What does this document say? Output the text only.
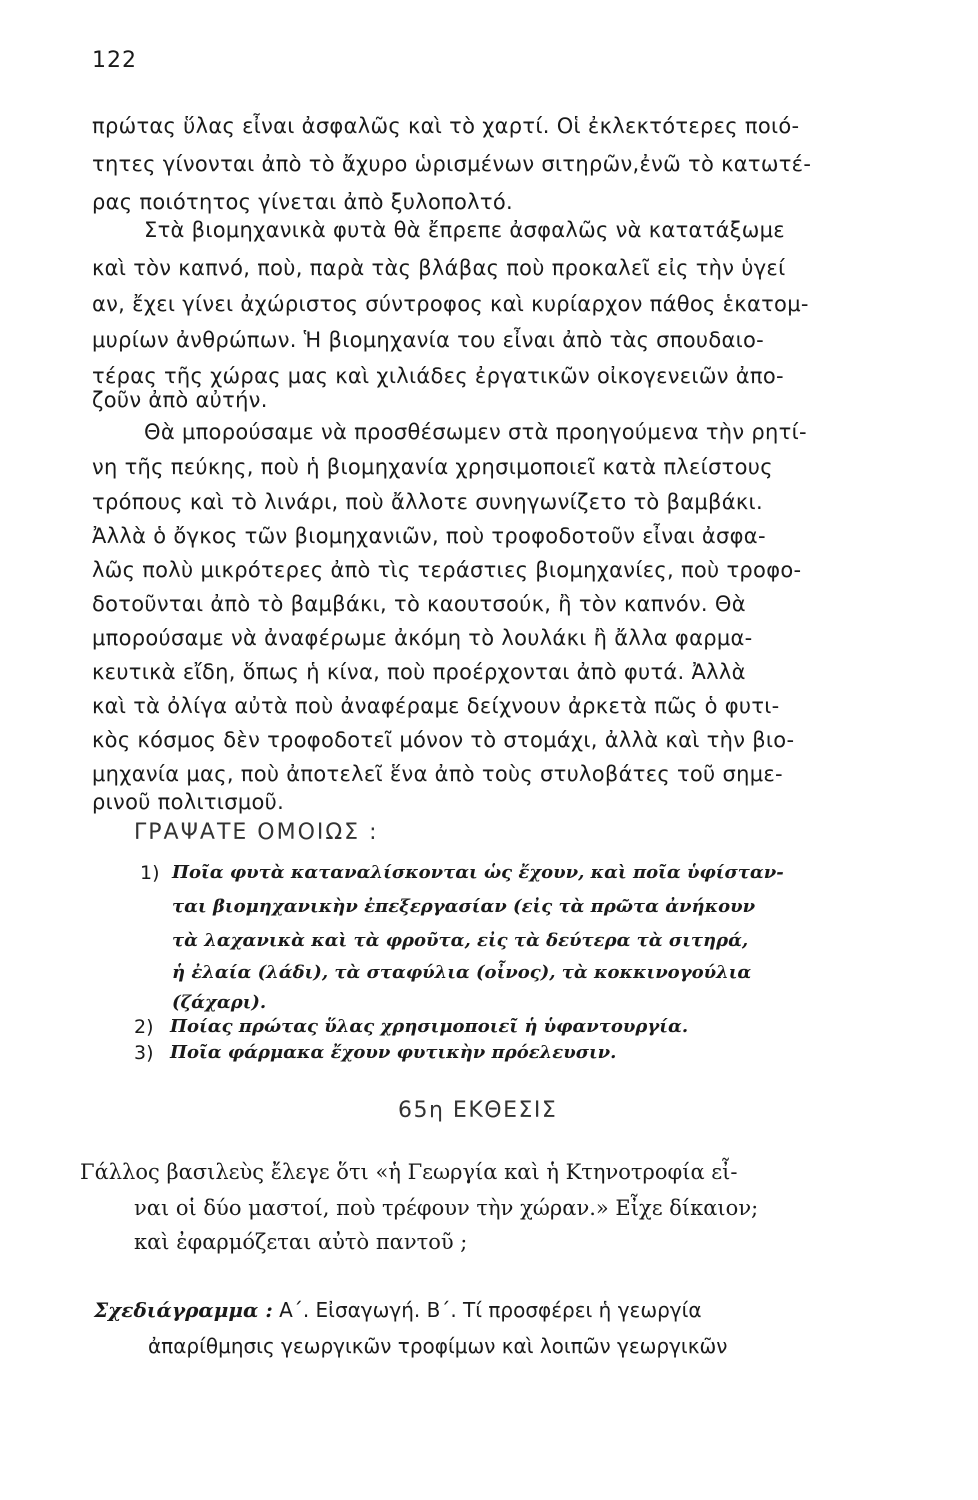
122
πρώτας ὕλας εἶναι ἀσφαλῶς καὶ τὸ χαρτί. Οἱ ἐκλεκτότερες ποιό-
τητες γίνονται ἀπὸ τὸ ἄχυρο ὡρισμένων σιτηρῶν,ἐνῶ τὸ κατωτέ-
ρας ποιότητος γίνεται ἀπὸ ξυλοπολτό.
Στὰ βιομηχανικὰ φυτὰ θὰ ἔπρεπε ἀσφαλῶς νὰ κατατάξωμε
καὶ τὸν καπνό, ποὺ, παρὰ τὰς βλάβας ποὺ προκαλεῖ εἰς τὴν ὑγεί
αν, ἔχει γίνει ἀχώριστος σύντροφος καὶ κυρίαρχον πάθος ἑκατομ-
μυρίων ἀνθρώπων. Ἡ βιομηχανία του εἶναι ἀπὸ τὰς σπουδαιο-
τέρας τῆς χώρας μας καὶ χιλιάδες ἐργατικῶν οἰκογενειῶν ἀπο-
ζοῦν ἀπὸ αὐτήν.
Θὰ μπορούσαμε νὰ προσθέσωμεν στὰ προηγούμενα τὴν ρητί-
νη τῆς πεύκης, ποὺ ἡ βιομηχανία χρησιμοποιεῖ κατὰ πλείστους
τρόπους καὶ τὸ λινάρι, ποὺ ἄλλοτε συνηγωνίζετο τὸ βαμβάκι.
Ἀλλὰ ὁ ὄγκος τῶν βιομηχανιῶν, ποὺ τροφοδοτοῦν εἶναι ἀσφα-
λῶς πολὺ μικρότερες ἀπὸ τὶς τεράστιες βιομηχανίες, ποὺ τροφο-
δοτοῦνται ἀπὸ τὸ βαμβάκι, τὸ καουτσούκ, ἢ τὸν καπνόν. Θὰ
μπορούσαμε νὰ ἀναφέρωμε ἀκόμη τὸ λουλάκι ἢ ἄλλα φαρμα-
κευτικὰ εἴδη, ὅπως ἡ κίνα, ποὺ προέρχονται ἀπὸ φυτά. Ἀλλὰ
καὶ τὰ ὀλίγα αὐτὰ ποὺ ἀναφέραμε δείχνουν ἀρκετὰ πῶς ὁ φυτι-
κὸς κόσμος δὲν τροφοδοτεῖ μόνον τὸ στομάχι, ἀλλὰ καὶ τὴν βιο-
μηχανία μας, ποὺ ἀποτελεῖ ἕνα ἀπὸ τοὺς στυλοβάτες τοῦ σημε-
ρινοῦ πολιτισμοῦ.
ΓΡΑΨΑΤΕ ΟΜΟΙΩΣ :
1) Ποῖα φυτὰ καταναλίσκονται ὡς ἔχουν, καὶ ποῖα ὑφίσταν-
ται βιομηχανικὴν ἐπεξεργασίαν (εἰς τὰ πρῶτα ἀνήκουν
τὰ λαχανικὰ καὶ τὰ φροῦτα, εἰς τὰ δεύτερα τὰ σιτηρά,
ἡ ἐλαία (λάδι), τὰ σταφύλια (οἶνος), τὰ κοκκινογούλια
(ζάχαρι).
2) Ποίας πρώτας ὕλας χρησιμοποιεῖ ἡ ὑφαντουργία.
3) Ποῖα φάρμακα ἔχουν φυτικὴν πρόελευσιν.
65η ΕΚΘΕΣΙΣ
Γάλλος βασιλεὺς ἔλεγε ὅτι «ἡ Γεωργία καὶ ἡ Κτηνοτροφία εἶ-
ναι οἱ δύο μαστοί, ποὺ τρέφουν τὴν χώραν.» Εἶχε δίκαιον;
καὶ ἐφαρμόζεται αὐτὸ παντοῦ ;
Σχεδιάγραμμα : Α΄. Εἰσαγωγή. Β΄. Τί προσφέρει ἡ γεωργία
ἀπαρίθμησις γεωργικῶν τροφίμων καὶ λοιπῶν γεωργικῶν
